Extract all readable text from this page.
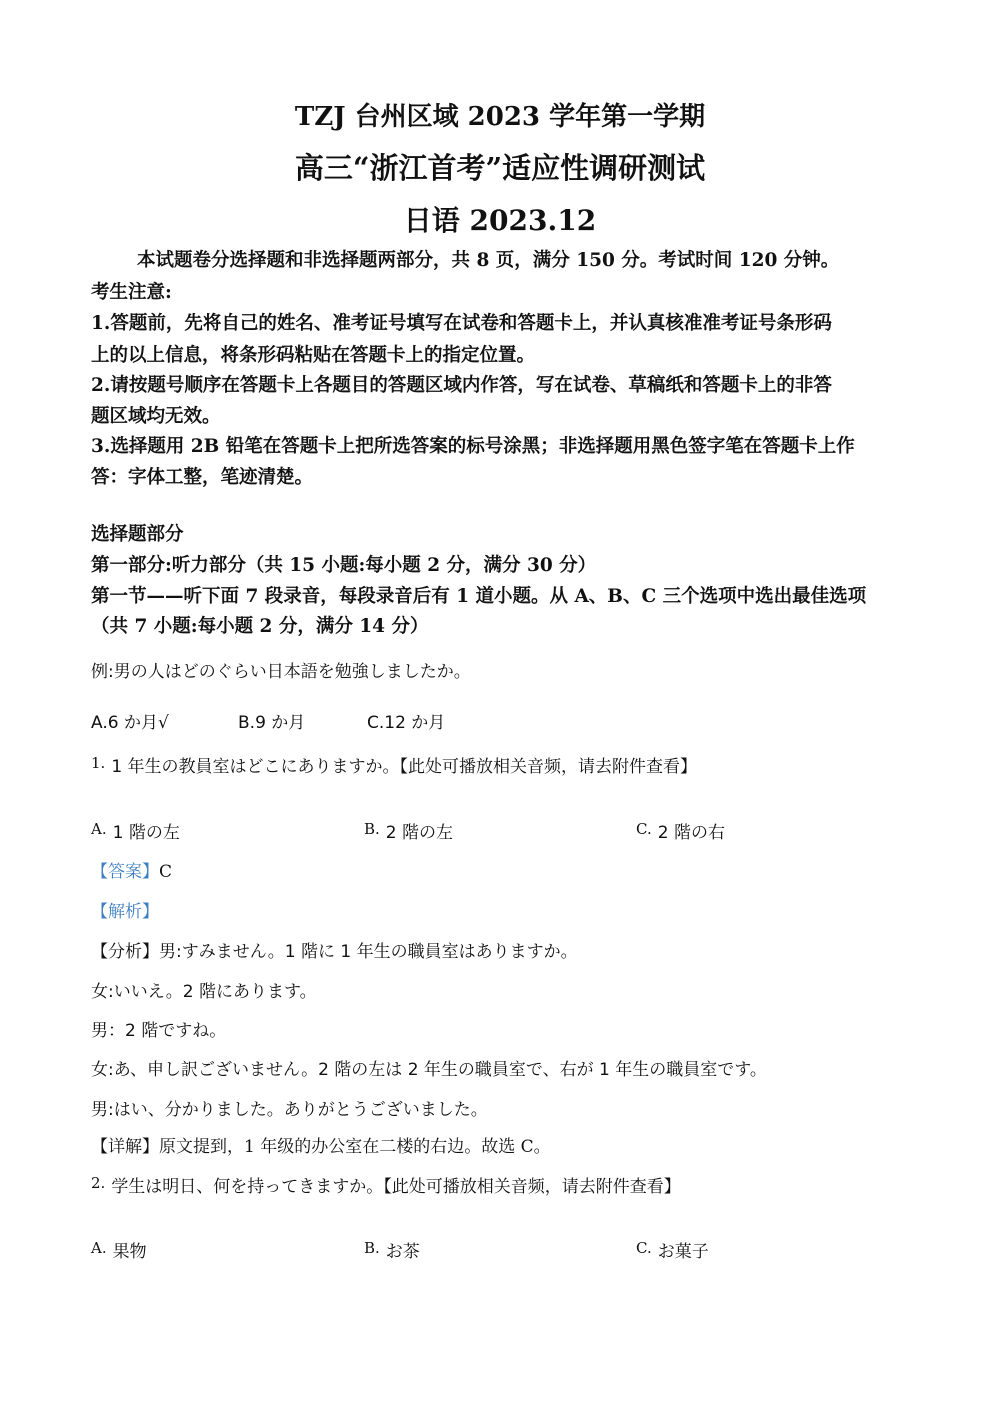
TZJ 台州区域 2023 学年第一学期
高三“浙江首考”适应性调研测试
日语 2023.12
本试题卷分选择题和非选择题两部分，共 8 页，满分 150 分。考试时间 120 分钟。
考生注意:
1.答题前，先将自己的姓名、准考证号填写在试卷和答题卡上，并认真核准准考证号条形码
上的以上信息，将条形码粘贴在答题卡上的指定位置。
2.请按题号顺序在答题卡上各题目的答题区域内作答，写在试卷、草稿纸和答题卡上的非答
题区域均无效。
3.选择题用 2B 铅笔在答题卡上把所选答案的标号涂黑；非选择题用黑色签字笔在答题卡上作
答：字体工整，笔迹清楚。
选择题部分
第一部分:听力部分（共 15 小题:每小题 2 分，满分 30 分）
第一节——听下面 7 段录音，每段录音后有 1 道小题。从 A、B、C 三个选项中选出最佳选项
（共 7 小题:每小题 2 分，满分 14 分）
例:男の人はどのぐらい日本語を勉強しましたか。
A.6 か月√	B.9 か月	C.12 か月
1. 1 年生の教員室はどこにありますか。【此处可播放相关音频，请去附件查看】
A. 1 階の左	B. 2 階の左	C. 2 階の右
【答案】C
【解析】
【分析】男:すみません。1 階に 1 年生の職員室はありますか。
女:いいえ。2 階にあります。
男：2 階ですね。
女:あ、申し訳ございません。2 階の左は 2 年生の職員室で、右が 1 年生の職員室です。
男:はい、分かりました。ありがとうございました。
【详解】原文提到，1 年级的办公室在二楼的右边。故选 C。
2. 学生は明日、何を持ってきますか。【此处可播放相关音频，请去附件查看】
A. 果物	B. お茶	C. お菓子
